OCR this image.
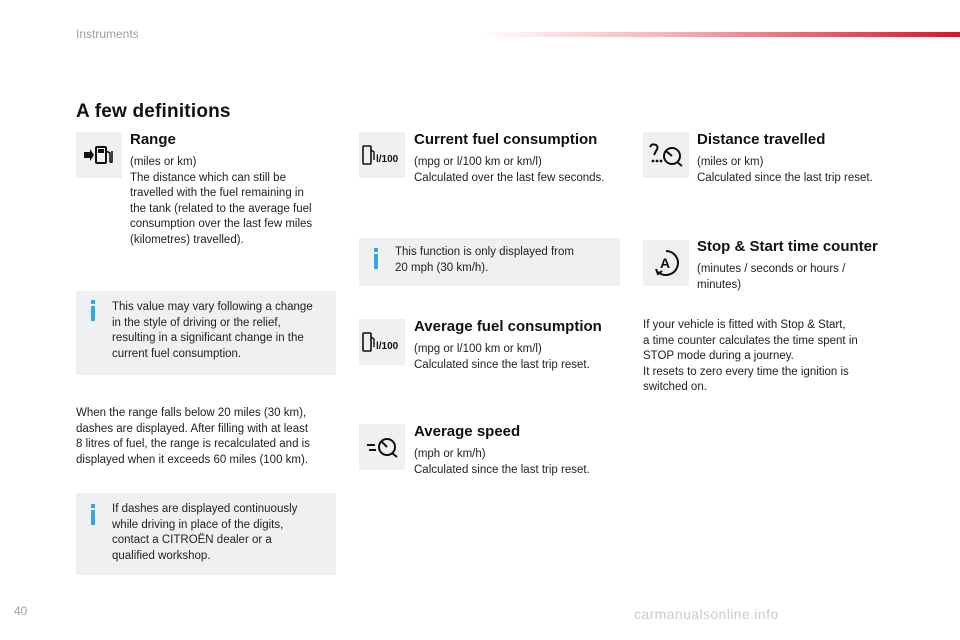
Instruments
A few definitions
Range
(miles or km)
The distance which can still be
travelled with the fuel remaining in
the tank (related to the average fuel
consumption over the last few miles
(kilometres) travelled).
This value may vary following a change
in the style of driving or the relief,
resulting in a significant change in the
current fuel consumption.
When the range falls below 20 miles (30 km),
dashes are displayed. After filling with at least
8 litres of fuel, the range is recalculated and is
displayed when it exceeds 60 miles (100 km).
If dashes are displayed continuously
while driving in place of the digits,
contact a CITROËN dealer or a
qualified workshop.
l/100
Current fuel consumption
(mpg or l/100 km or km/l)
Calculated over the last few seconds.
This function is only displayed from
20 mph (30 km/h).
l/100
Average fuel consumption
(mpg or l/100 km or km/l)
Calculated since the last trip reset.
Average speed
(mph or km/h)
Calculated since the last trip reset.
Distance travelled
(miles or km)
Calculated since the last trip reset.
A
Stop & Start time counter
(minutes / seconds or hours /
minutes)
If your vehicle is fitted with Stop & Start,
a time counter calculates the time spent in
STOP mode during a journey.
It resets to zero every time the ignition is
switched on.
40	carmanualsonline.info
